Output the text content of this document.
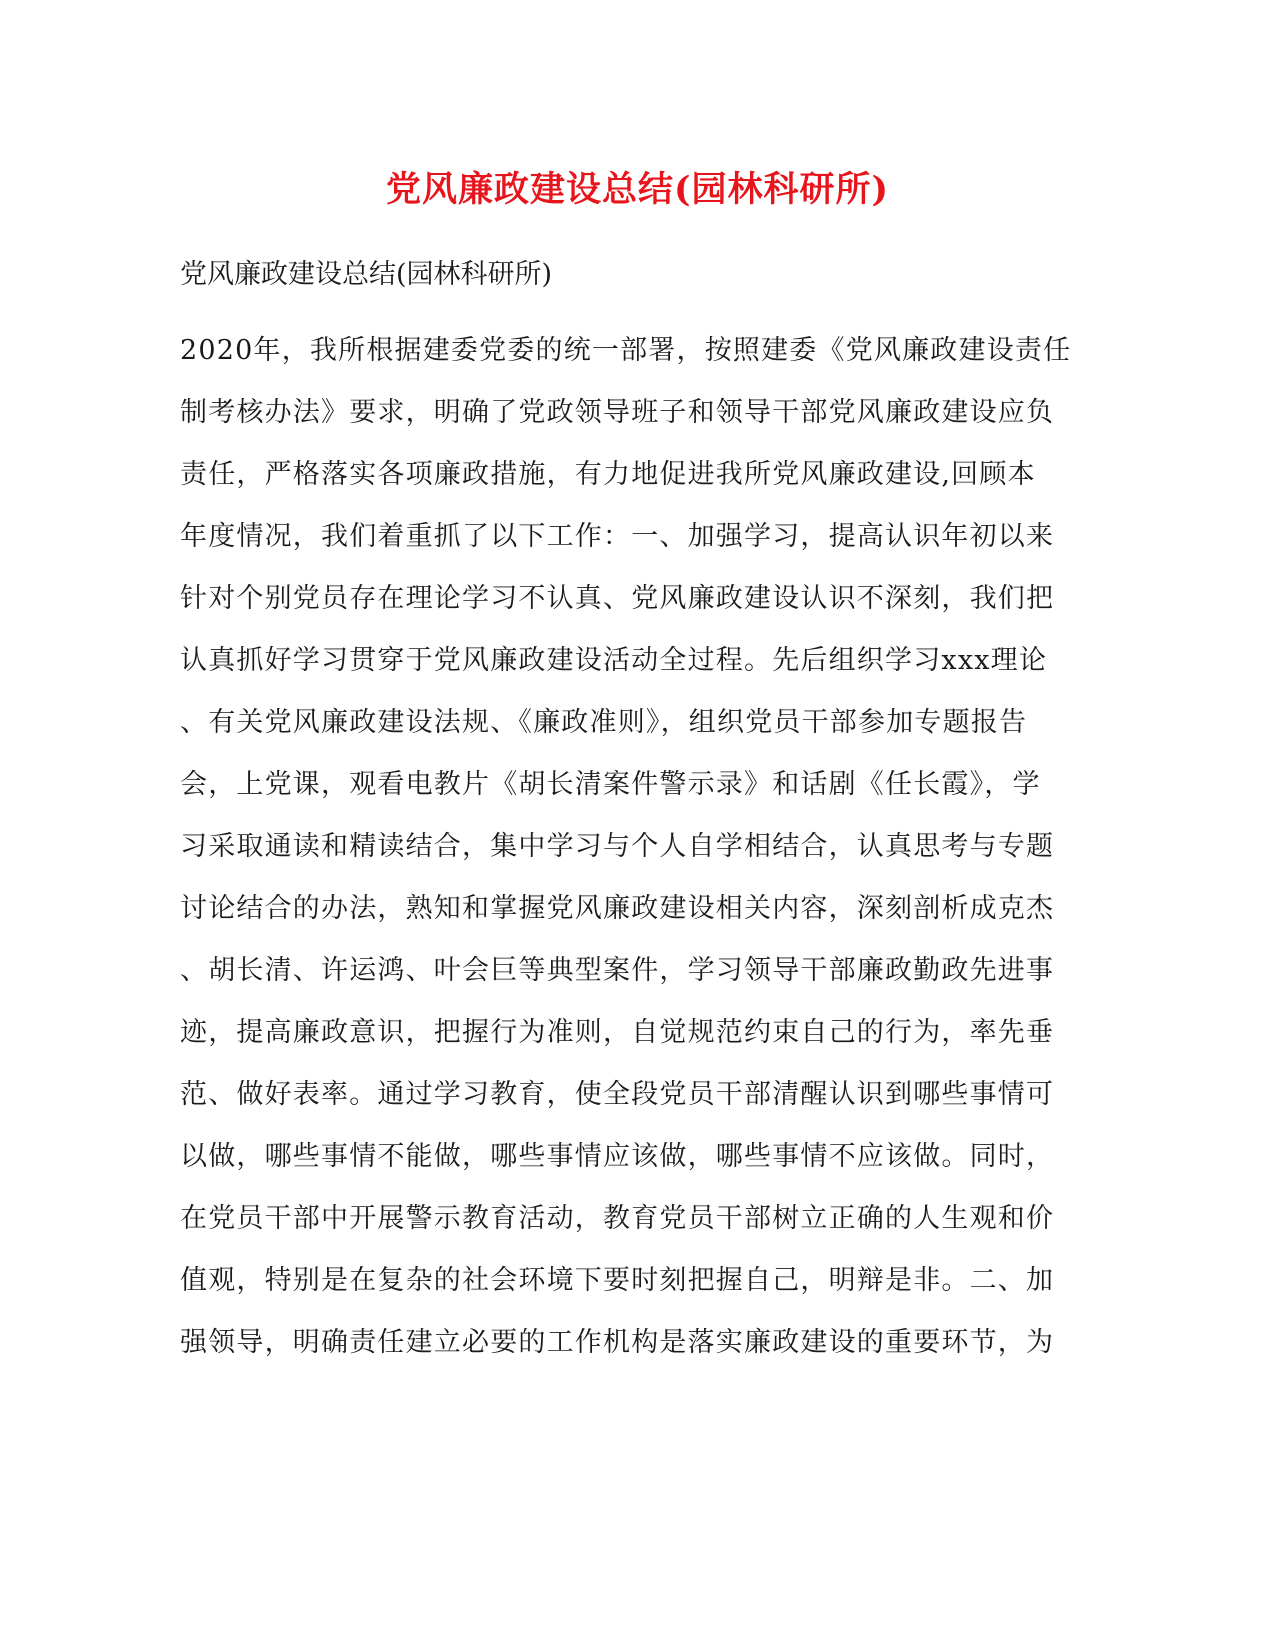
党风廉政建设总结(园林科研所)

党风廉政建设总结(园林科研所)

2020年，我所根据建委党委的统一部署，按照建委《党风廉政建设责任
制考核办法》要求，明确了党政领导班子和领导干部党风廉政建设应负
责任，严格落实各项廉政措施，有力地促进我所党风廉政建设,回顾本
年度情况，我们着重抓了以下工作：一、加强学习，提高认识年初以来
针对个别党员存在理论学习不认真、党风廉政建设认识不深刻，我们把
认真抓好学习贯穿于党风廉政建设活动全过程。先后组织学习xxx理论
、有关党风廉政建设法规、《廉政准则》，组织党员干部参加专题报告
会，上党课，观看电教片《胡长清案件警示录》和话剧《任长霞》，学
习采取通读和精读结合，集中学习与个人自学相结合，认真思考与专题
讨论结合的办法，熟知和掌握党风廉政建设相关内容，深刻剖析成克杰
、胡长清、许运鸿、叶会巨等典型案件，学习领导干部廉政勤政先进事
迹，提高廉政意识，把握行为准则，自觉规范约束自己的行为，率先垂
范、做好表率。通过学习教育，使全段党员干部清醒认识到哪些事情可
以做，哪些事情不能做，哪些事情应该做，哪些事情不应该做。同时，
在党员干部中开展警示教育活动，教育党员干部树立正确的人生观和价
值观，特别是在复杂的社会环境下要时刻把握自己，明辩是非。二、加
强领导，明确责任建立必要的工作机构是落实廉政建设的重要环节，为
